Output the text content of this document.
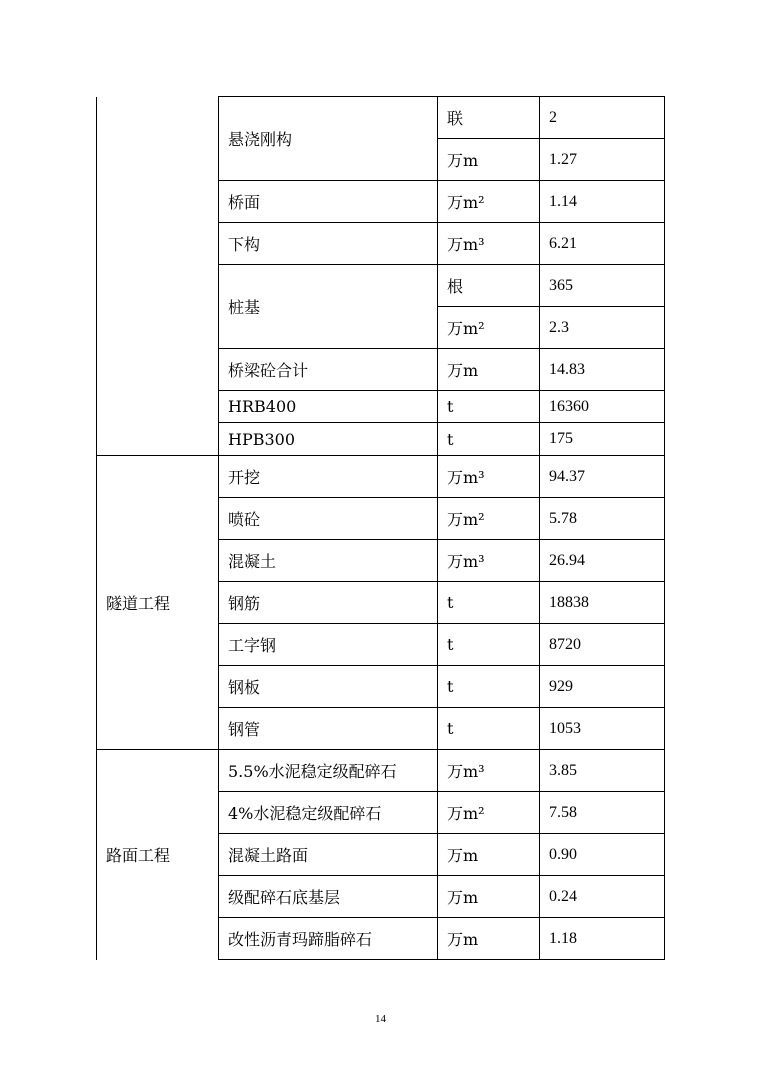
	悬浇刚构	联	2
		万m	1.27
	桥面	万m²	1.14
	下构	万m³	6.21
	桩基	根	365
		万m²	2.3
	桥梁砼合计	万m	14.83
	HRB400	t	16360
	HPB300	t	175
隧道工程	开挖	万m³	94.37
	喷砼	万m²	5.78
	混凝土	万m³	26.94
	钢筋	t	18838
	工字钢	t	8720
	钢板	t	929
	钢管	t	1053
路面工程	5.5%水泥稳定级配碎石	万m³	3.85
	4%水泥稳定级配碎石	万m²	7.58
	混凝土路面	万m	0.90
	级配碎石底基层	万m	0.24
	改性沥青玛蹄脂碎石	万m	1.18
14
